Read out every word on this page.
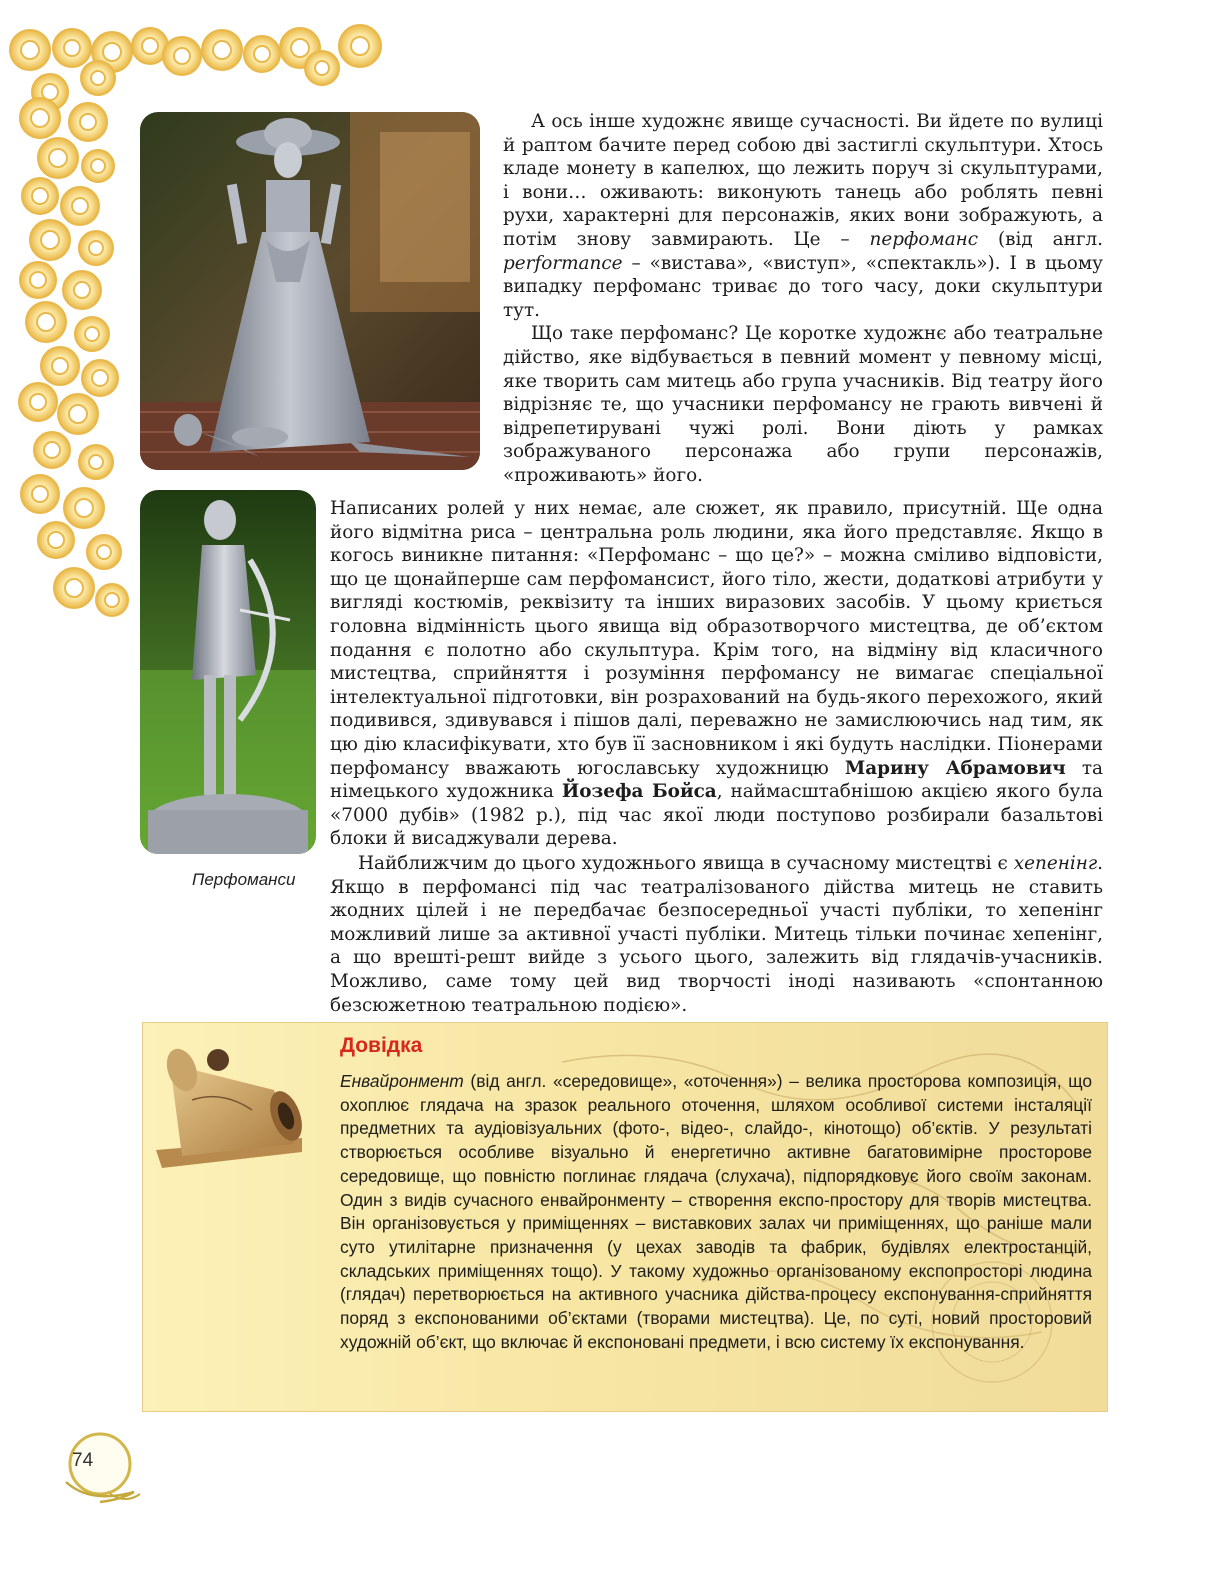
Перфоманси

А ось інше художнє явище сучасності. Ви йдете по вулиці й раптом бачите перед собою дві застиглі скульптури. Хтось кладе монету в капелюх, що лежить поруч зі скульптурами, і вони… оживають: виконують танець або роблять певні рухи, характерні для персонажів, яких вони зображують, а потім знову завмирають. Це – перфоманс (від англ. performance – «вистава», «виступ», «спектакль»). І в цьому випадку перфоманс триває до того часу, доки скульптури тут.

Що таке перфоманс? Це коротке художнє або театральне дійство, яке відбувається в певний момент у певному місці, яке творить сам митець або група учасників. Від театру його відрізняє те, що учасники перфомансу не грають вивчені й відрепетирувані чужі ролі. Вони діють у рамках зображуваного персонажа або групи персонажів, «проживають» його.

Написаних ролей у них немає, але сюжет, як правило, присутній. Ще одна його відмітна риса – центральна роль людини, яка його представляє. Якщо в когось виникне питання: «Перфоманс – що це?» – можна сміливо відповісти, що це щонайперше сам перфомансист, його тіло, жести, додаткові атрибути у вигляді костюмів, реквізиту та інших виразових засобів. У цьому криється головна відмінність цього явища від образотворчого мистецтва, де об’єктом подання є полотно або скульптура. Крім того, на відміну від класичного мистецтва, сприйняття і розуміння перфомансу не вимагає спеціальної інтелектуальної підготовки, він розрахований на будь-якого перехожого, який подивився, здивувався і пішов далі, переважно не замислюючись над тим, як цю дію класифікувати, хто був її засновником і які будуть наслідки. Піонерами перфомансу вважають югославську художницю Марину Абрамович та німецького художника Йозефа Бойса, наймасштабнішою акцією якого була «7000 дубів» (1982 р.), під час якої люди поступово розбирали базальтові блоки й висаджували дерева.

Найближчим до цього художнього явища в сучасному мистецтві є хепенінг. Якщо в перфомансі під час театралізованого дійства митець не ставить жодних цілей і не передбачає безпосередньої участі публіки, то хепенінг можливий лише за активної участі публіки. Митець тільки починає хепенінг, а що врешті-решт вийде з усього цього, залежить від глядачів-учасників. Можливо, саме тому цей вид творчості іноді називають «спонтанною безсюжетною театральною подією».

Довідка
Енвайронмент (від англ. «середовище», «оточення») – велика просторова композиція, що охоплює глядача на зразок реального оточення, шляхом особливої системи інсталяції предметних та аудіовізуальних (фото-, відео-, слайдо-, кінотощо) об’єктів. У результаті створюється особливе візуально й енергетично активне багатовимірне просторове середовище, що повністю поглинає глядача (слухача), підпорядковує його своїм законам. Один з видів сучасного енвайронменту – створення експо-простору для творів мистецтва. Він організовується у приміщеннях – виставкових залах чи приміщеннях, що раніше мали суто утилітарне призначення (у цехах заводів та фабрик, будівлях електростанцій, складських приміщеннях тощо). У такому художньо організованому експопросторі людина (глядач) перетворюється на активного учасника дійства-процесу експонування-сприйняття поряд з експонованими об’єктами (творами мистецтва). Це, по суті, новий просторовий художній об’єкт, що включає й експоновані предмети, і всю систему їх експонування.
74
